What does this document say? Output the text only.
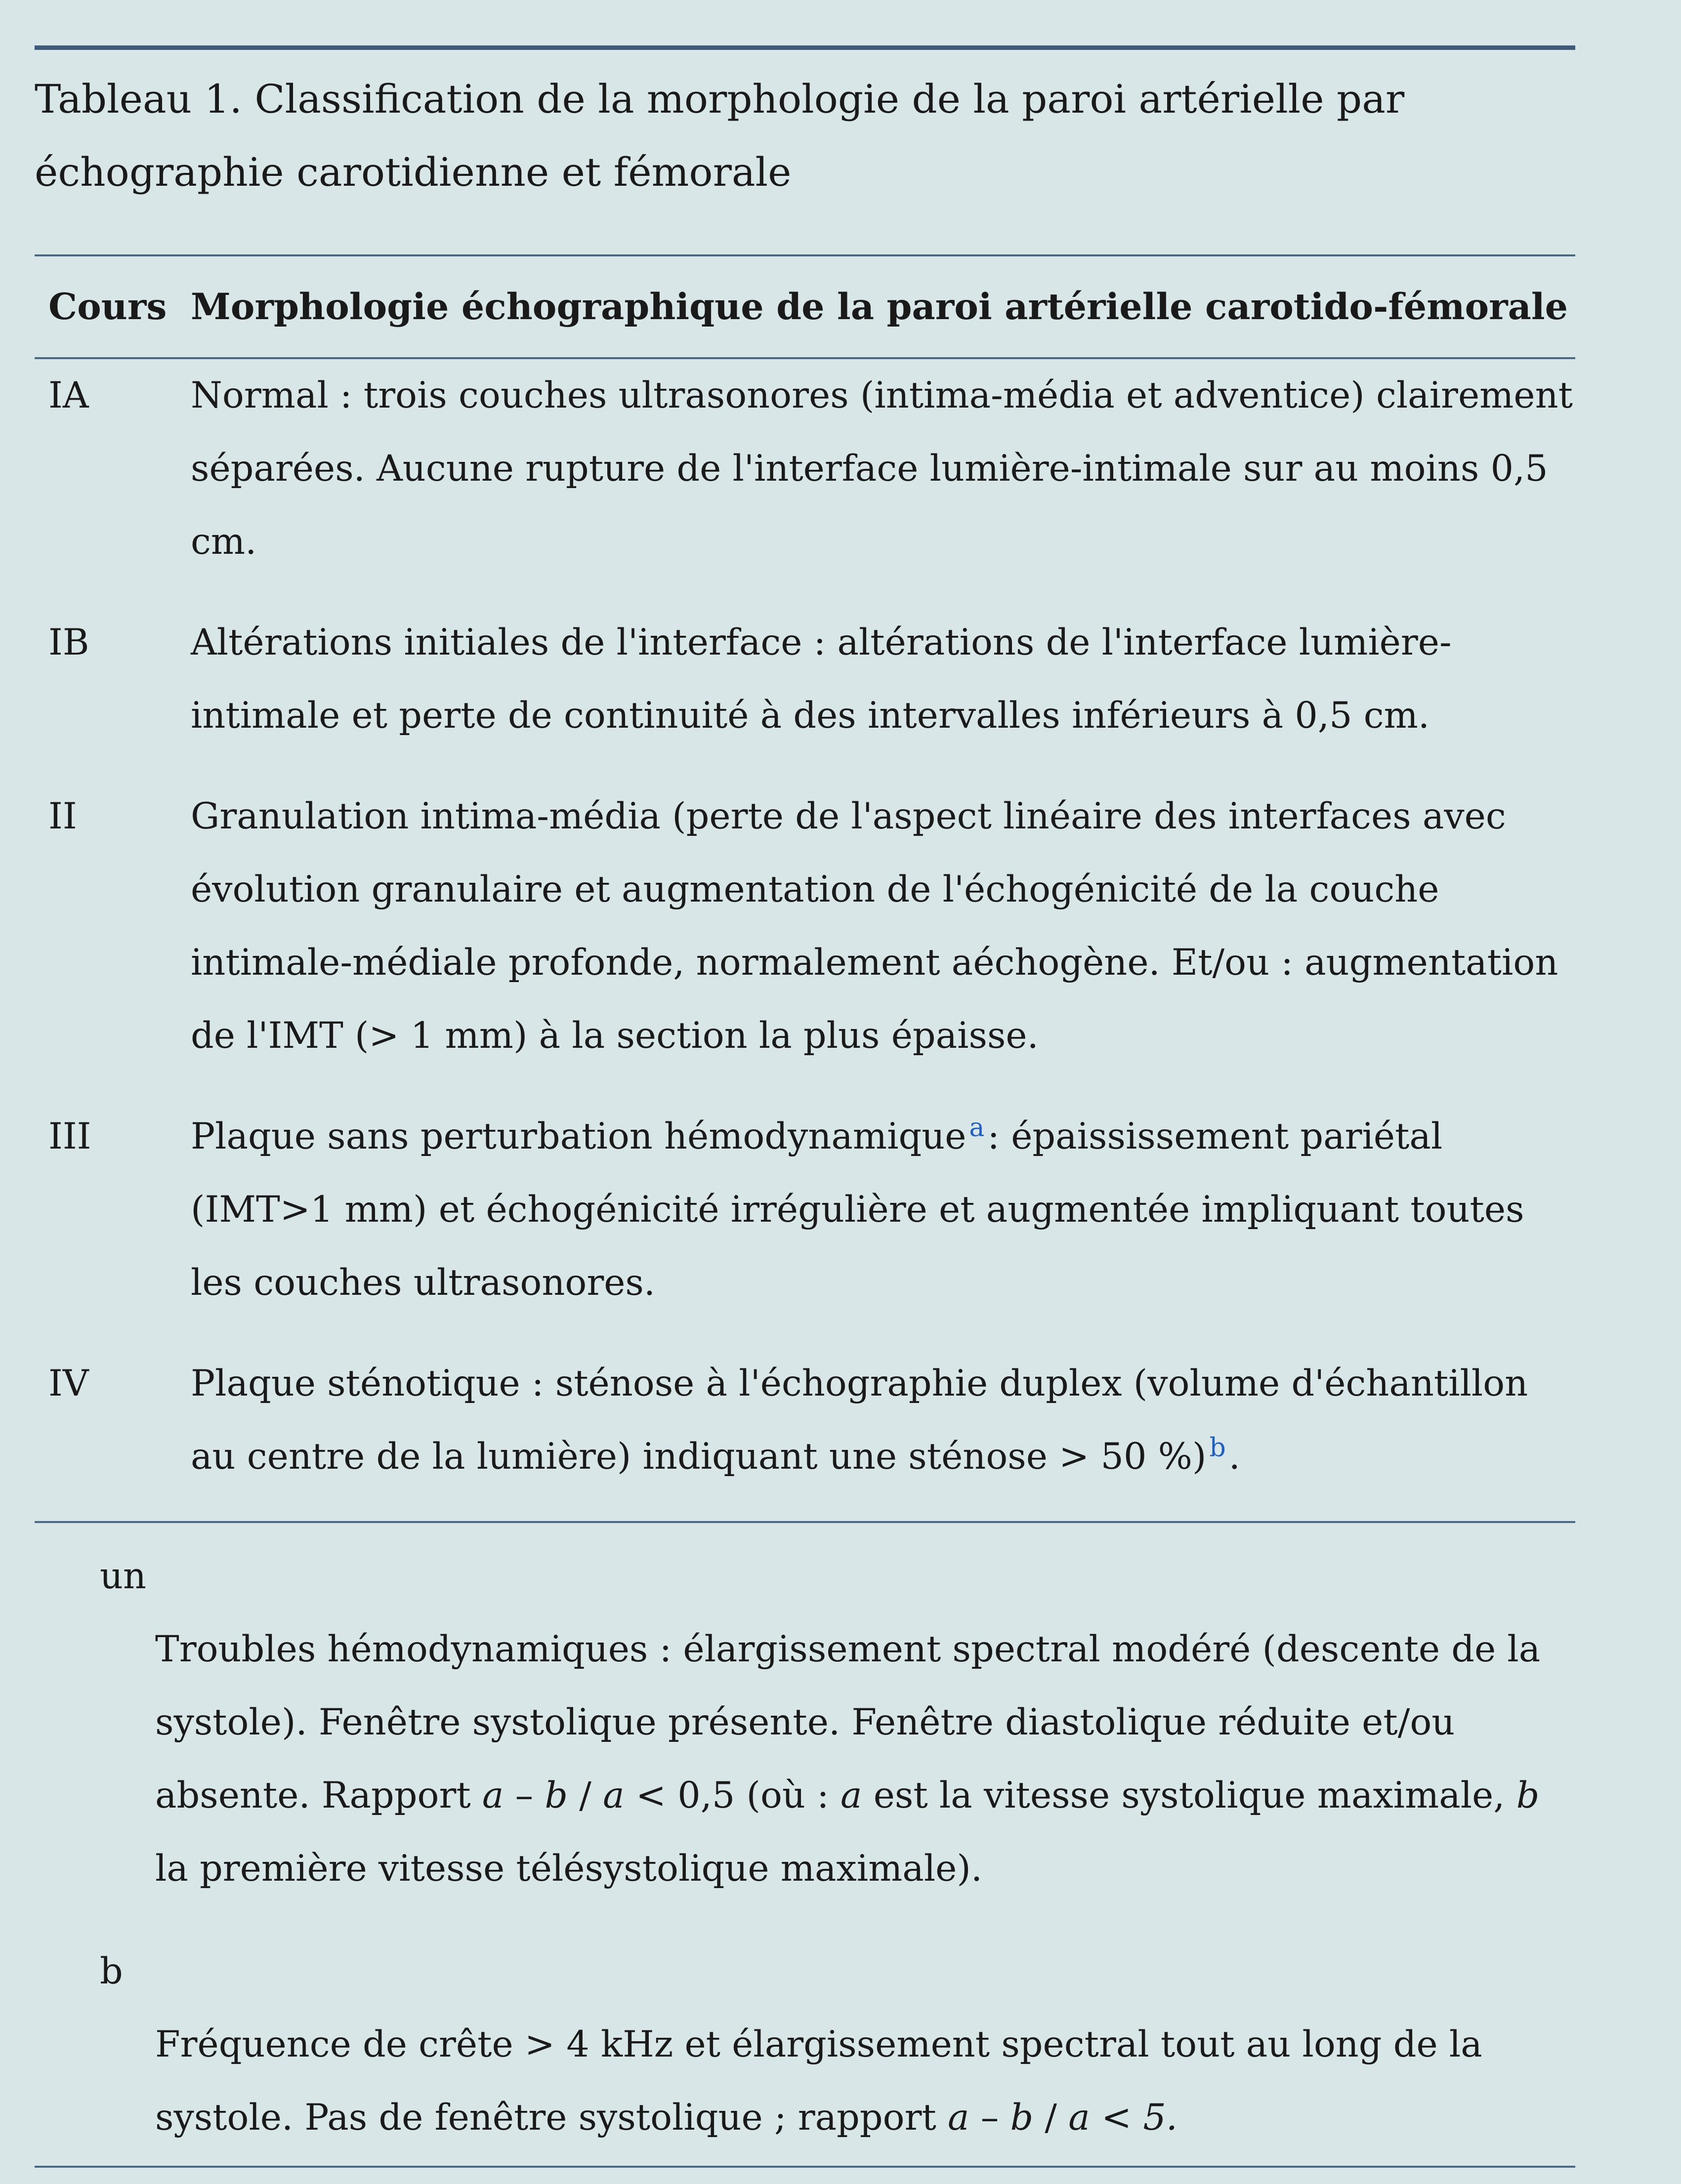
Tableau 1. Classification de la morphologie de la paroi artérielle par échographie carotidienne et fémorale

Cours	Morphologie échographique de la paroi artérielle carotido-fémorale

IA	Normal : trois couches ultrasonores (intima-média et adventice) clairement séparées. Aucune rupture de l'interface lumière-intimale sur au moins 0,5 cm.
IB	Altérations initiales de l'interface : altérations de l'interface lumière-intimale et perte de continuité à des intervalles inférieurs à 0,5 cm.
II	Granulation intima-média (perte de l'aspect linéaire des interfaces avec évolution granulaire et augmentation de l'échogénicité de la couche intimale-médiale profonde, normalement aéchogène. Et/ou : augmentation de l'IMT (> 1 mm) à la section la plus épaisse.
III	Plaque sans perturbation hémodynamique $^a$: épaississement pariétal (IMT>1 mm) et échogénicité irrégulière et augmentée impliquant toutes les couches ultrasonores.
IV	Plaque sténotique : sténose à l'échographie duplex (volume d'échantillon au centre de la lumière) indiquant une sténose > 50 %) $^b$.

un
Troubles hémodynamiques : élargissement spectral modéré (descente de la systole). Fenêtre systolique présente. Fenêtre diastolique réduite et/ou absente. Rapport a – b / a < 0,5 (où : a est la vitesse systolique maximale, b la première vitesse télésystolique maximale).
b
Fréquence de crête > 4 kHz et élargissement spectral tout au long de la systole. Pas de fenêtre systolique ; rapport a – b / a < 5.
